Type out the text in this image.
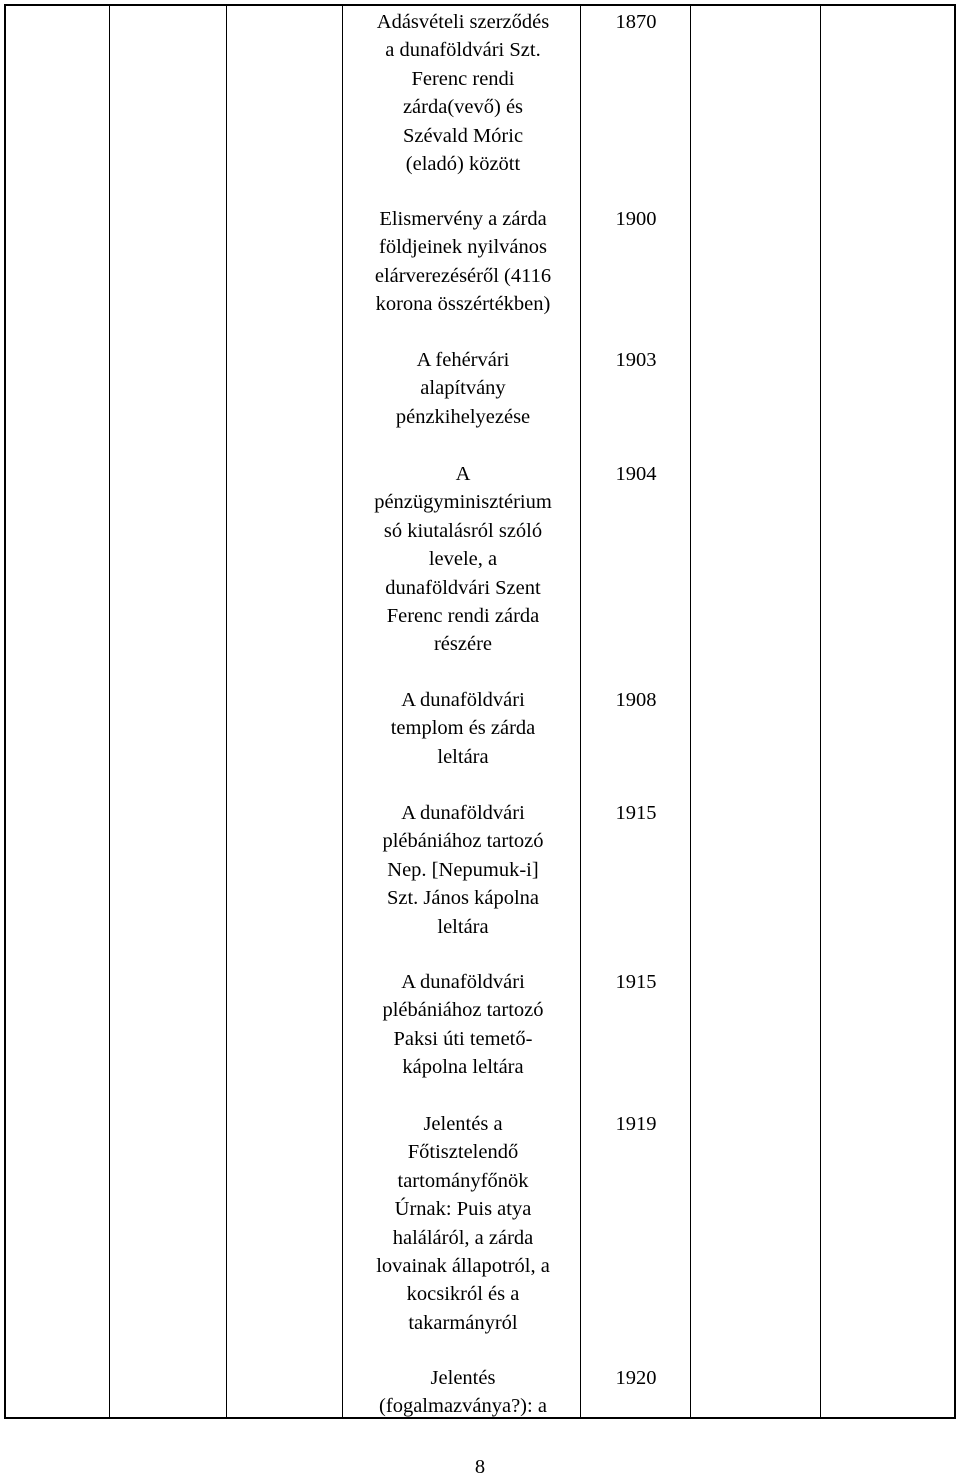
Adásvételi szerződés
a dunaföldvári Szt.
Ferenc rendi
zárda(vevő) és
Szévald Móric
(eladó) között
Elismervény a zárda
földjeinek nyilvános
elárverezéséről (4116
korona összértékben)
A fehérvári
alapítvány
pénzkihelyezése
A
pénzügyminisztérium
só kiutalásról szóló
levele, a
dunaföldvári Szent
Ferenc rendi zárda
részére
A dunaföldvári
templom és zárda
leltára
A dunaföldvári
plébániához tartozó
Nep. [Nepumuk-i]
Szt. János kápolna
leltára
A dunaföldvári
plébániához tartozó
Paksi úti temető-
kápolna leltára
Jelentés a
Főtisztelendő
tartományfőnök
Úrnak: Puis atya
haláláról, a zárda
lovainak állapotról, a
kocsikról és a
takarmányról
Jelentés
(fogalmazványa?): a
1870
1900
1903
1904
1908
1915
1915
1919
1920
8
